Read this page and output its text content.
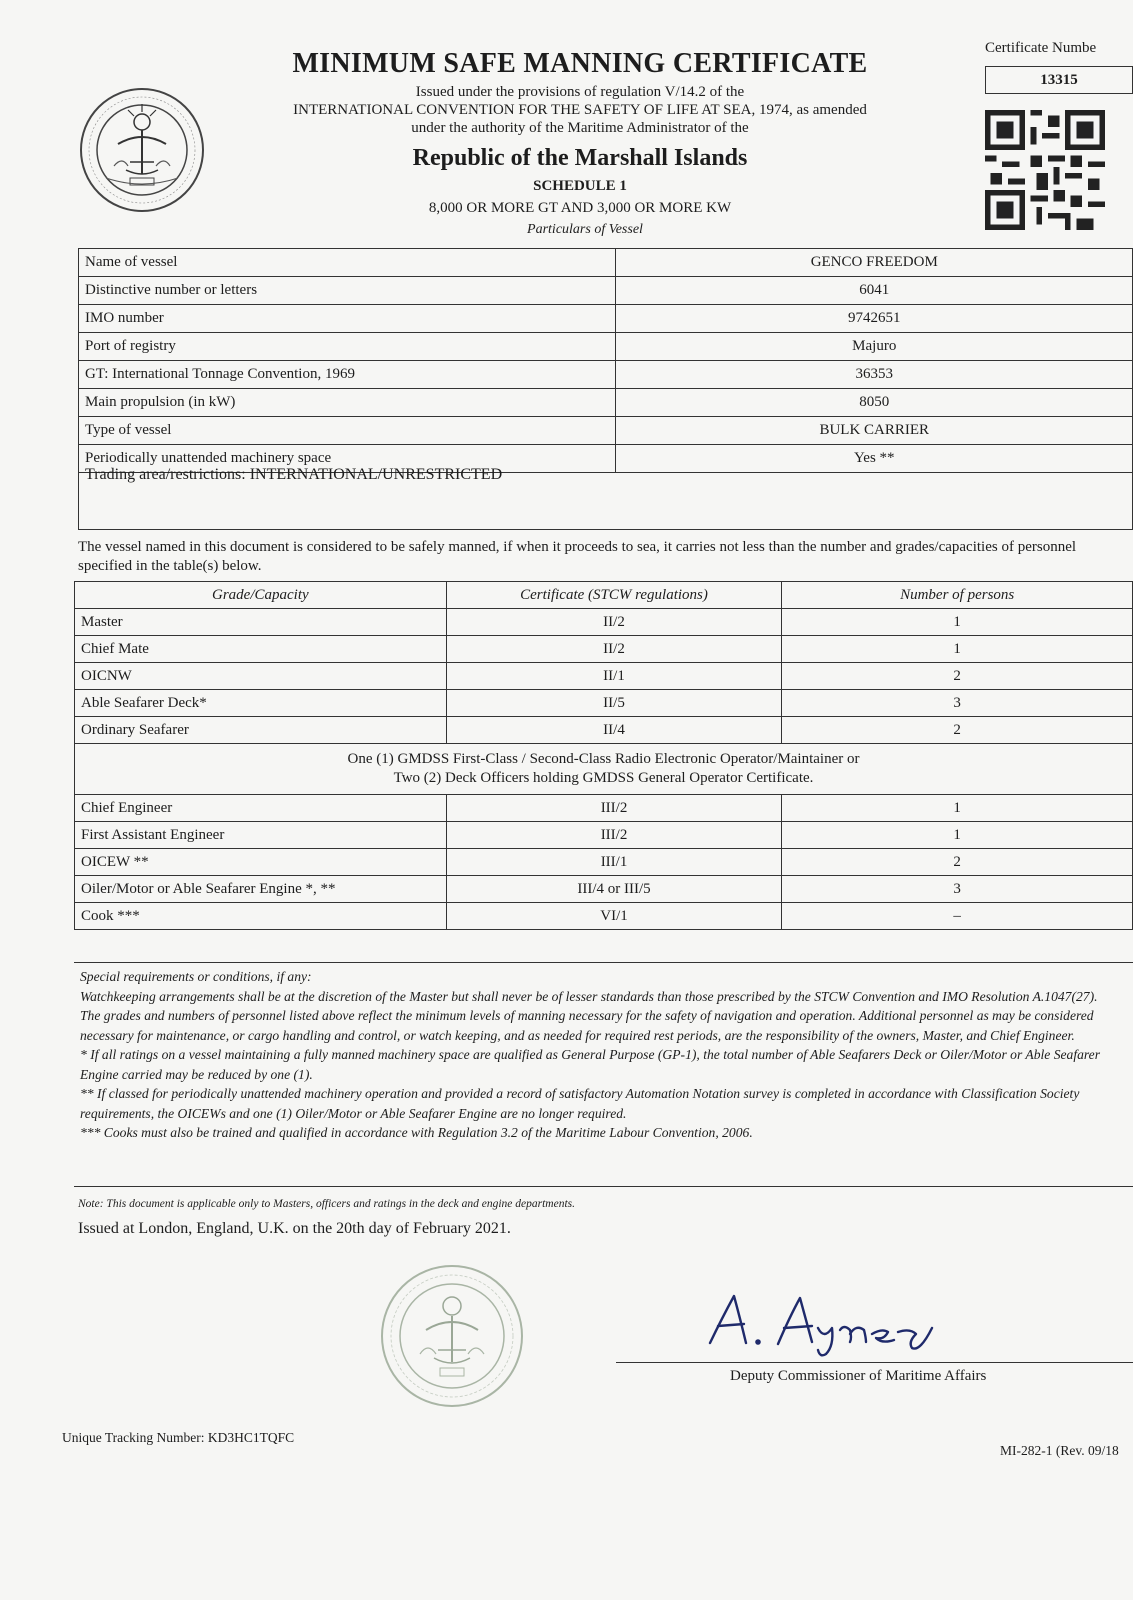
MINIMUM SAFE MANNING CERTIFICATE
Issued under the provisions of regulation V/14.2 of the
INTERNATIONAL CONVENTION FOR THE SAFETY OF LIFE AT SEA, 1974, as amended
under the authority of the Maritime Administrator of the
Republic of the Marshall Islands
SCHEDULE 1
8,000 OR MORE GT AND 3,000 OR MORE KW
Particulars of Vessel
Certificate Numbe
13315
Name of vessel	GENCO FREEDOM
Distinctive number or letters	6041
IMO number	9742651
Port of registry	Majuro
GT: International Tonnage Convention, 1969	36353
Main propulsion (in kW)	8050
Type of vessel	BULK CARRIER
Periodically unattended machinery space	Yes **
Trading area/restrictions: INTERNATIONAL/UNRESTRICTED
The vessel named in this document is considered to be safely manned, if when it proceeds to sea, it carries not less than the number and grades/capacities of personnel specified in the table(s) below.
Grade/Capacity	Certificate (STCW regulations)	Number of persons
Master	II/2	1
Chief Mate	II/2	1
OICNW	II/1	2
Able Seafarer Deck*	II/5	3
Ordinary Seafarer	II/4	2

One (1) GMDSS First-Class / Second-Class Radio Electronic Operator/Maintainer or
Two (2) Deck Officers holding GMDSS General Operator Certificate.		

Chief Engineer	III/2	1
First Assistant Engineer	III/2	1
OICEW **	III/1	2
Oiler/Motor or Able Seafarer Engine *, **	III/4 or III/5	3
Cook ***	VI/1	–

Special requirements or conditions, if any:

Watchkeeping arrangements shall be at the discretion of the Master but shall never be of lesser standards than those prescribed by the STCW Convention and IMO Resolution A.1047(27).

The grades and numbers of personnel listed above reflect the minimum levels of manning necessary for the safety of navigation and operation. Additional personnel as may be considered necessary for maintenance, or cargo handling and control, or watch keeping, and as needed for required rest periods, are the responsibility of the owners, Master, and Chief Engineer.

* If all ratings on a vessel maintaining a fully manned machinery space are qualified as General Purpose (GP-1), the total number of Able Seafarers Deck or Oiler/Motor or Able Seafarer Engine carried may be reduced by one (1).

** If classed for periodically unattended machinery operation and provided a record of satisfactory Automation Notation survey is completed in accordance with Classification Society requirements, the OICEWs and one (1) Oiler/Motor or Able Seafarer Engine are no longer required.

*** Cooks must also be trained and qualified in accordance with Regulation 3.2 of the Maritime Labour Convention, 2006.

Note: This document is applicable only to Masters, officers and ratings in the deck and engine departments.
Issued at London, England, U.K. on the 20th day of February 2021.
Deputy Commissioner of Maritime Affairs
Unique Tracking Number: KD3HC1TQFC
MI-282-1 (Rev. 09/18
